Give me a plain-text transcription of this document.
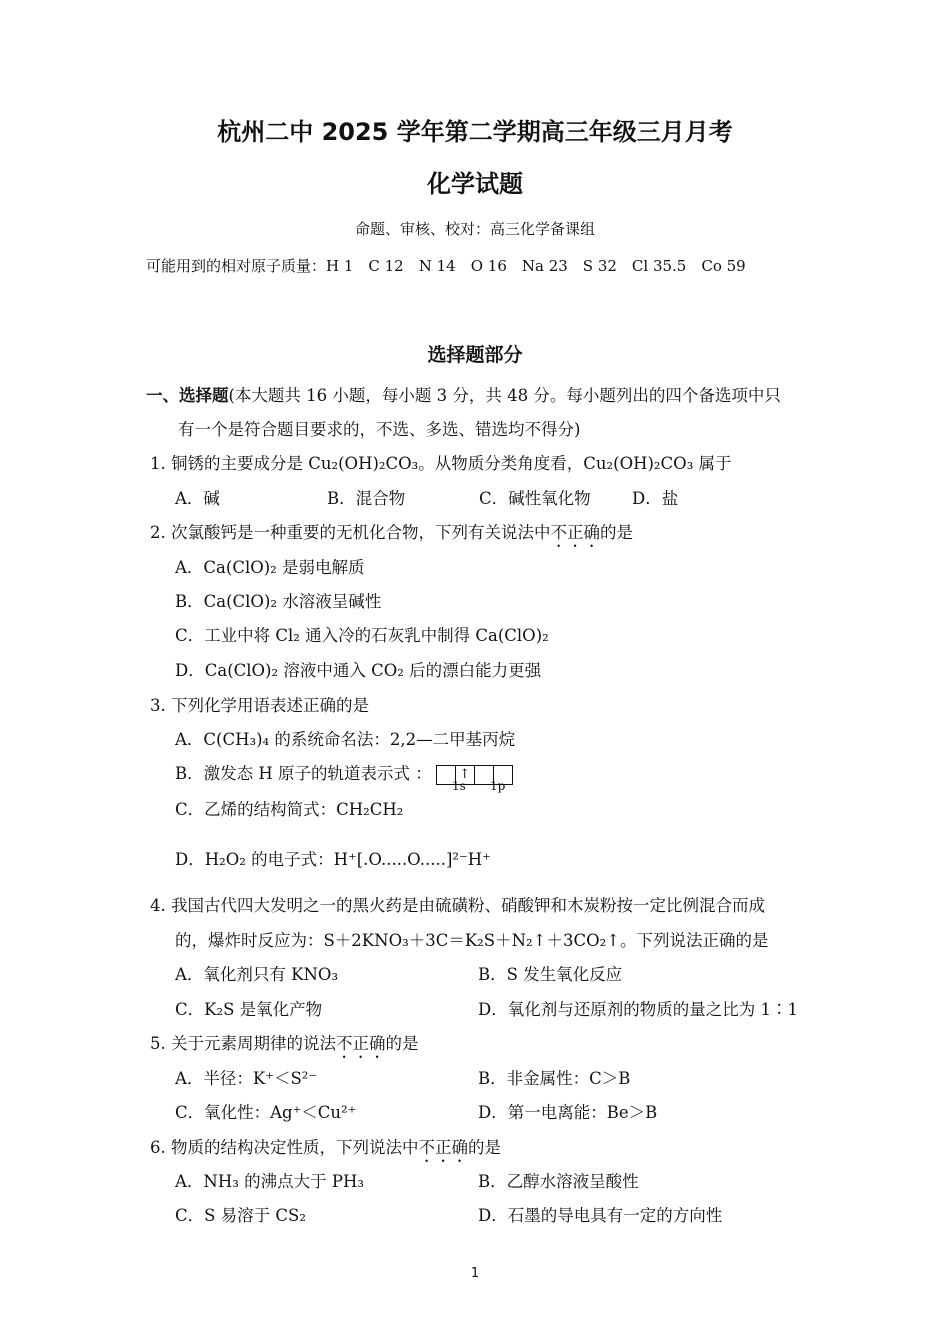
杭州二中 2025 学年第二学期高三年级三月月考
化学试题
命题、审核、校对：高三化学备课组
可能用到的相对原子质量：H 1　C 12　N 14　O 16　Na 23　S 32　Cl 35.5　Co 59
选择题部分
一、选择题(本大题共 16 小题，每小题 3 分，共 48 分。每小题列出的四个备选项中只
有一个是符合题目要求的，不选、多选、错选均不得分)
1. 铜锈的主要成分是 Cu₂(OH)₂CO₃。从物质分类角度看，Cu₂(OH)₂CO₃ 属于
A．碱	B．混合物	C．碱性氧化物	D．盐
2. 次氯酸钙是一种重要的无机化合物，下列有关说法中不正确的是
A．Ca(ClO)₂ 是弱电解质
B．Ca(ClO)₂ 水溶液呈碱性
C．工业中将 Cl₂ 通入冷的石灰乳中制得 Ca(ClO)₂
D．Ca(ClO)₂ 溶液中通入 CO₂ 后的漂白能力更强
3. 下列化学用语表述正确的是
A．C(CH₃)₄ 的系统命名法：2,2—二甲基丙烷
B．激发态 H 原子的轨道表示式 ： ↑
1s 1p
C．乙烯的结构简式：CH₂CH₂
D．H₂O₂ 的电子式：H⁺[.O.....O.....]²⁻H⁺
4. 我国古代四大发明之一的黑火药是由硫磺粉、硝酸钾和木炭粉按一定比例混合而成
的，爆炸时反应为：S＋2KNO₃＋3C＝K₂S＋N₂↑＋3CO₂↑。下列说法正确的是
A．氧化剂只有 KNO₃	B．S 发生氧化反应
C．K₂S 是氧化产物	D．氧化剂与还原剂的物质的量之比为 1∶1
5. 关于元素周期律的说法不正确的是
A．半径：K⁺＜S²⁻	B．非金属性：C＞B
C．氧化性：Ag⁺＜Cu²⁺	D．第一电离能：Be＞B
6. 物质的结构决定性质，下列说法中不正确的是
A．NH₃ 的沸点大于 PH₃	B．乙醇水溶液呈酸性
C．S 易溶于 CS₂	D．石墨的导电具有一定的方向性
1
